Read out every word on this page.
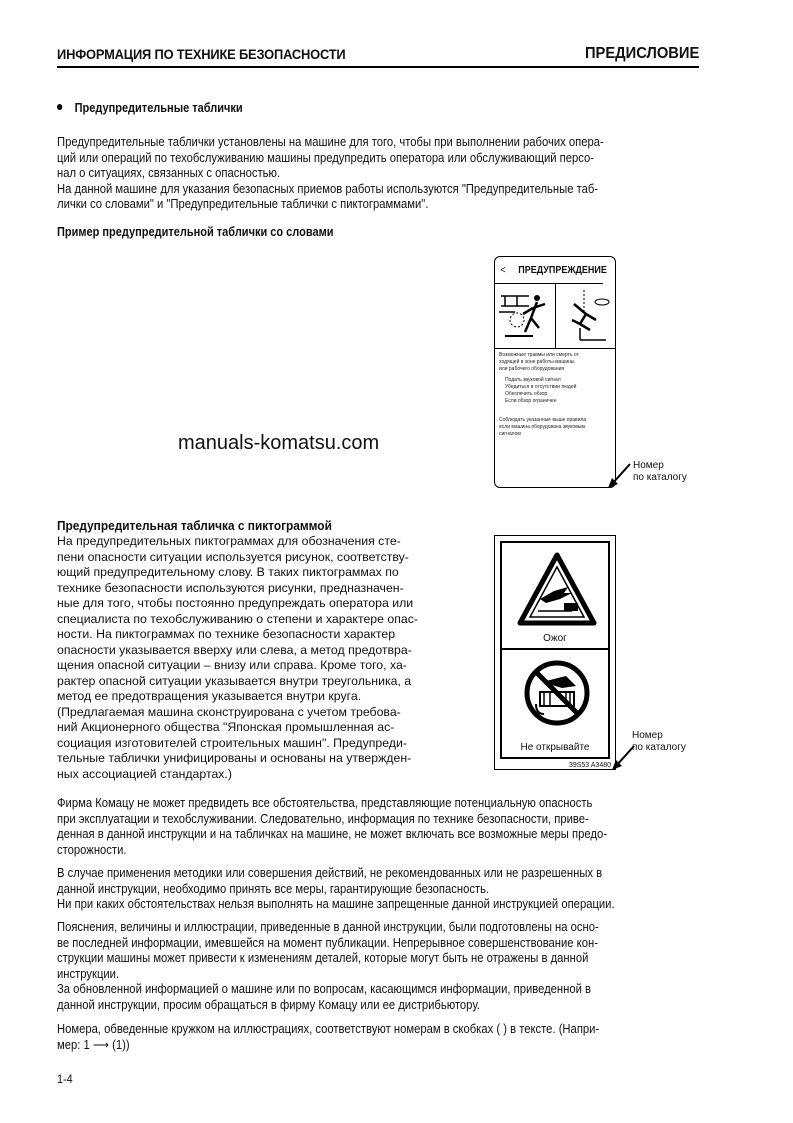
ИНФОРМАЦИЯ ПО ТЕХНИКЕ БЕЗОПАСНОСТИ	ПРЕДИСЛОВИЕ
Предупредительные таблички
Предупредительные таблички установлены на машине для того, чтобы при выполнении рабочих опера-
ций или операций по техобслуживанию машины предупредить оператора или обслуживающий персо-
нал о ситуациях, связанных с опасностью.
На данной машине для указания безопасных приемов работы используются "Предупредительные таб-
лички со словами" и "Предупредительные таблички с пиктограммами".
Пример предупредительной таблички со словами
< ПРЕДУПРЕЖДЕНИЕ
Возможные травмы или смерть от
ходящей в зоне работы машины
или рабочего оборудования
Подать звуковой сигнал
Убедиться в отсутствии людей
Обеспечить обзор
Если обзор ограничен
Соблюдать указанные выше правила
если машина оборудована звуковым
сигналом
Номер
по каталогу
manuals-komatsu.com
Предупредительная табличка с пиктограммой
На предупредительных пиктограммах для обозначения сте-
пени опасности ситуации используется рисунок, соответству-
ющий предупредительному слову. В таких пиктограммах по
технике безопасности используются рисунки, предназначен-
ные для того, чтобы постоянно предупреждать оператора или
специалиста по техобслуживанию о степени и характере опас-
ности. На пиктограммах по технике безопасности характер
опасности указывается вверху или слева, а метод предотвра-
щения опасной ситуации – внизу или справа. Кроме того, ха-
рактер опасной ситуации указывается внутри треугольника, а
метод ее предотвращения указывается внутри круга.
(Предлагаемая машина сконструирована с учетом требова-
ний Акционерного общества "Японская промышленная ас-
социация изготовителей строительных машин". Предупреди-
тельные таблички унифицированы и основаны на утвержден-
ных ассоциацией стандартах.)
Ожог
Не открывайте
39S53 A3480
Номер
по каталогу
Фирма Комацу не может предвидеть все обстоятельства, представляющие потенциальную опасность
при эксплуатации и техобслуживании. Следовательно, информация по технике безопасности, приве-
денная в данной инструкции и на табличках на машине, не может включать все возможные меры предо-
сторожности.
В случае применения методики или совершения действий, не рекомендованных или не разрешенных в
данной инструкции, необходимо принять все меры, гарантирующие безопасность.
Ни при каких обстоятельствах нельзя выполнять на машине запрещенные данной инструкцией операции.
Пояснения, величины и иллюстрации, приведенные в данной инструкции, были подготовлены на осно-
ве последней информации, имевшейся на момент публикации. Непрерывное совершенствование кон-
струкции машины может привести к изменениям деталей, которые могут быть не отражены в данной
инструкции.
За обновленной информацией о машине или по вопросам, касающимся информации, приведенной в
данной инструкции, просим обращаться в фирму Комацу или ее дистрибьютору.
Номера, обведенные кружком на иллюстрациях, соответствуют номерам в скобках ( ) в тексте. (Напри-
мер: 1 ⟶ (1))
1-4
